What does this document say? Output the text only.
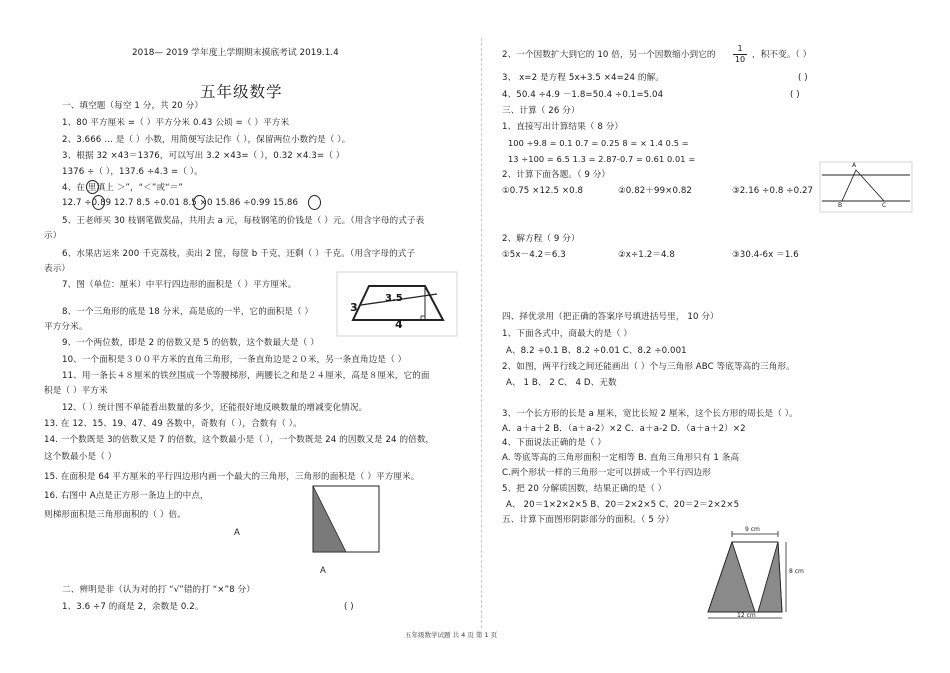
2018— 2019 学年度上学期期末摸底考试 2019.1.4
五年级数学
一、填空题（每空 1 分，共 20 分）
1、80 平方厘米 =（ ）平方分米 0.43 公顷 =（ ）平方米
2、3.666 … 是（ ）小数，用简便写法记作（ ），保留两位小数约是（ ）。
3、根据 32 ×43＝1376，可以写出 3.2 ×43=（ ），0.32 ×4.3=（ ）
1376 ÷（ ），137.6 ÷4.3 =（ ）。
4、在 里填上 ＞”，“＜”或“＝”
12.7 ÷0.89 12.7 8.5 ÷0.01 8.5 ×0 15.86 ÷0.99 15.86
5、王老师买 30 枝钢笔做奖品，共用去 a 元，每枝钢笔的价钱是（ ）元。（用含字母的式子表
示）
6、水果店运来 200 千克荔枝，卖出 2 筐，每筐 b 千克，还剩（ ）千克。（用含字母的式子
表示）
7、图（单位：厘米）中平行四边形的面积是（ ）平方厘米。
3.5
3
4
8、一个三角形的底是 18 分米，高是底的一半，它的面积是（ ）
平方分米。
9、一个两位数，即是 2 的倍数又是 5 的倍数，这个数最大是（ ）
10、一个面积是３００平方米的直角三角形，一条直角边是２０米，另一条直角边是（ ）
11、用一条长４８厘米的铁丝围成一个等腰梯形，两腰长之和是２４厘米，高是８厘米，它的面
积是（ ）平方米
12、（ ）统计图不单能看出数量的多少，还能很好地反映数量的增减变化情况。
13. 在 12、15、19、47、49 各数中，奇数有（ ），合数有（ ）。
14. 一个数既是 3的倍数又是 7 的倍数，这个数最小是（ ），一个数既是 24 的因数又是 24 的倍数，
这个数最小是（ ）
15. 在面积是 64 平方厘米的平行四边形内画一个最大的三角形，三角形的面积是（ ）平方厘米。
16. 右图中 A点是正方形一条边上的中点，
则梯形面积是三角形面积的（ ）倍。
A
A
二、辨明是非（认为对的打 “√”错的打 “×”8 分）
1、3.6 ÷7 的商是 2，余数是 0.2。	( )
2、一个因数扩大到它的 10 倍，另一个因数缩小到它的 $\frac{1}{10}$ ，积不变。（ ）
3、 x=2 是方程 5x+3.5 ×4=24 的解。	( )
4、50.4 ÷4.9 －1.8=50.4 ÷0.1=5.04	( )
三、计算（ 26 分）
1、直接写出计算结果（ 8 分）
100 ÷9.8 = 0.1 0.7 = 0.25 8 = × 1.4 0.5 =
13 ÷100 = 6.5 1.3 = 2.87-0.7 = 0.61 0.01 =
2、计算下面各题。（ 9 分）
①0.75 ×12.5 ×0.8	②0.82＋99×0.82	③2.16 ÷0.8 ÷0.27
A
B	C
2、解方程（ 9 分）
①5x－4.2＝6.3	②x÷1.2＝4.8	③30.4-6x ＝1.6
四、择优录用（把正确的答案序号填进括号里， 10 分）
1、下面各式中，商最大的是（ ）
A、8.2 ÷0.1 B、8.2 ÷0.01 C、8.2 ÷0.001
2、如图，两平行线之间还能画出（ ）个与三角形 ABC 等底等高的三角形。
A、 1 B、 2 C、 4 D、无数
3、一个长方形的长是 a 厘米，宽比长短 2 厘米，这个长方形的周长是（ ）。
A．a＋a＋2 B．（a＋a-2）×2 C．a＋a-2 D．（a＋a＋2）×2
4、下面说法正确的是（ ）
A. 等底等高的三角形面积一定相等 B. 直角三角形只有 1 条高
C.两个形状一样的三角形一定可以拼成一个平行四边形
5、把 20 分解质因数，结果正确的是（ ）
A、 20＝1×2×2×5 B、20＝2×2×5 C、20＝2＝2×2×5
五、计算下面图形阴影部分的面积。（ 5 分）
9 cm
8 cm
12 cm
五年级数学试题 共 4 页 第 1 页
